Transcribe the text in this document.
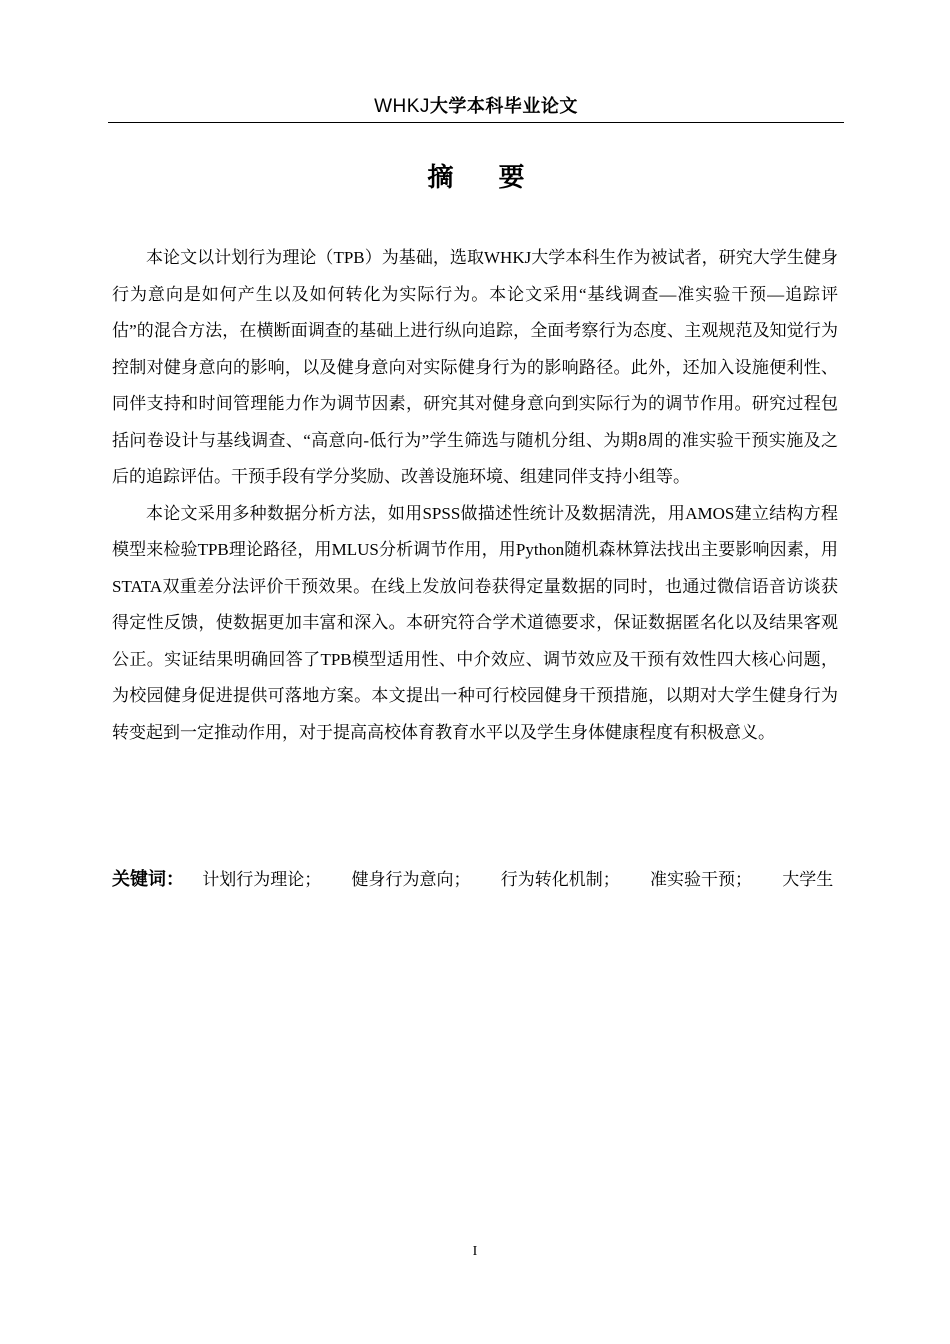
WHKJ大学本科毕业论文
摘 要

本论文以计划行为理论（TPB）为基础，选取WHKJ大学本科生作为被试者，研究大学生健身行为意向是如何产生以及如何转化为实际行为。本论文采用“基线调查—准实验干预—追踪评估”的混合方法，在横断面调查的基础上进行纵向追踪，全面考察行为态度、主观规范及知觉行为控制对健身意向的影响，以及健身意向对实际健身行为的影响路径。此外，还加入设施便利性、同伴支持和时间管理能力作为调节因素，研究其对健身意向到实际行为的调节作用。研究过程包括问卷设计与基线调查、“高意向-低行为”学生筛选与随机分组、为期8周的准实验干预实施及之后的追踪评估。干预手段有学分奖励、改善设施环境、组建同伴支持小组等。

本论文采用多种数据分析方法，如用SPSS做描述性统计及数据清洗，用AMOS建立结构方程模型来检验TPB理论路径，用MLUS分析调节作用，用Python随机森林算法找出主要影响因素，用STATA双重差分法评价干预效果。在线上发放问卷获得定量数据的同时，也通过微信语音访谈获得定性反馈，使数据更加丰富和深入。本研究符合学术道德要求，保证数据匿名化以及结果客观公正。实证结果明确回答了TPB模型适用性、中介效应、调节效应及干预有效性四大核心问题，为校园健身促进提供可落地方案。本文提出一种可行校园健身干预措施，以期对大学生健身行为转变起到一定推动作用，对于提高高校体育教育水平以及学生身体健康程度有积极意义。

关键词： 计划行为理论； 健身行为意向； 行为转化机制； 准实验干预； 大学生
I
